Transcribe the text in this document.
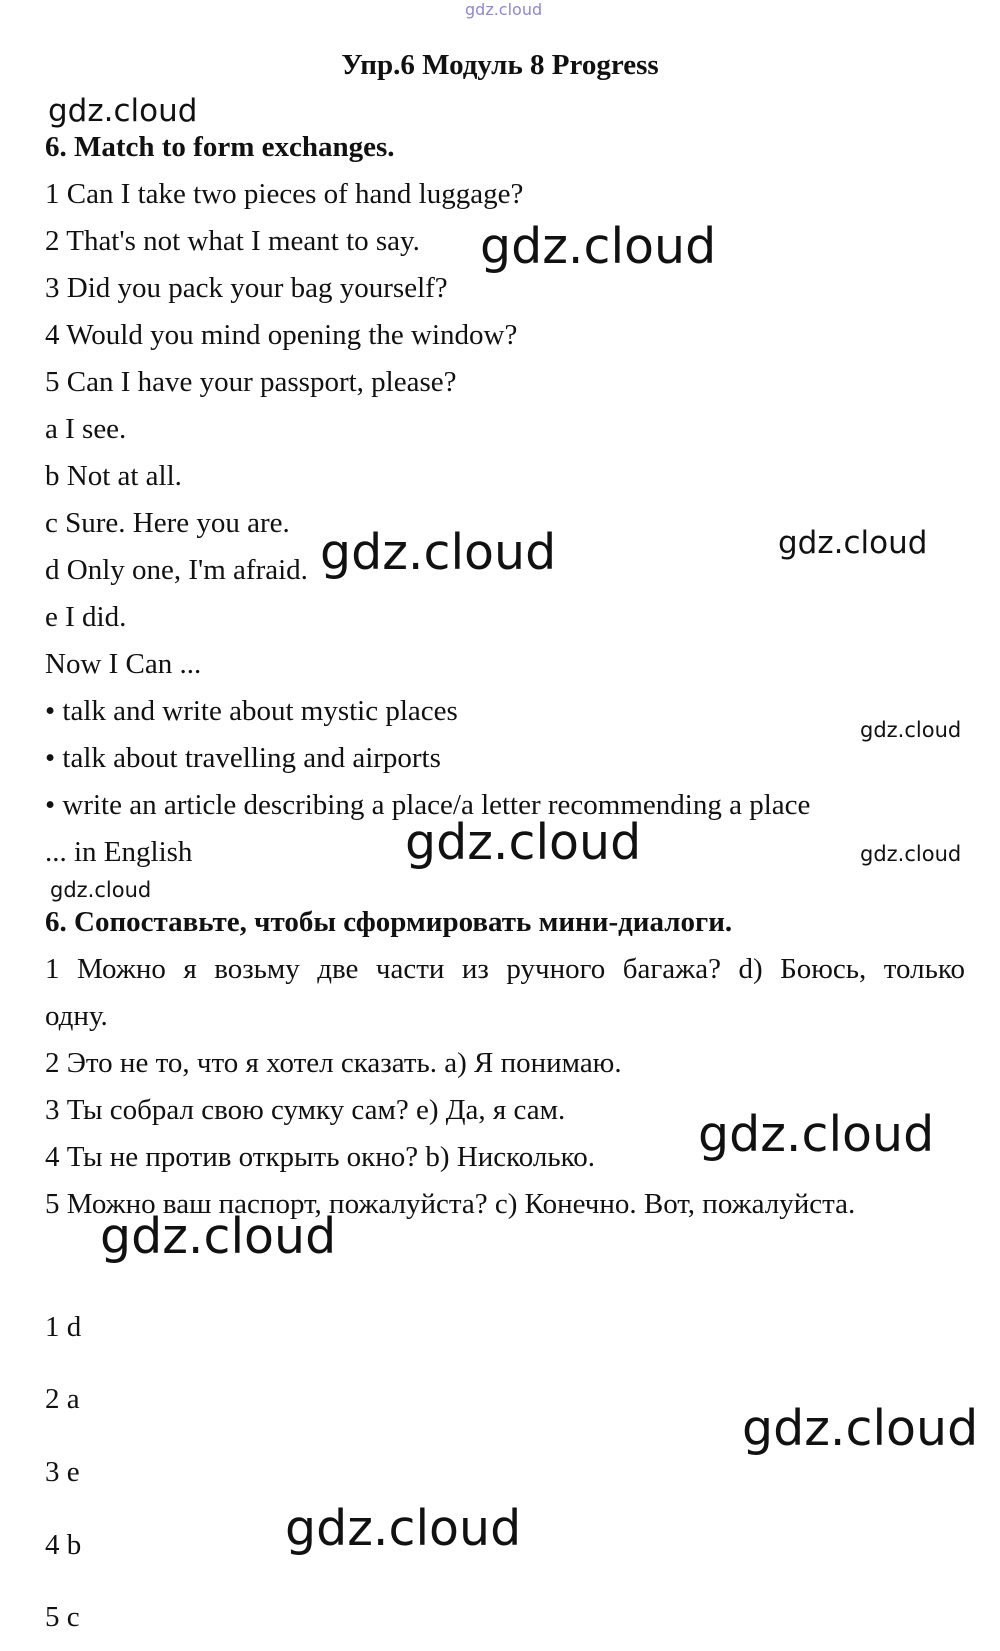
gdz.cloud
gdz.cloud
gdz.cloud
gdz.cloud	gdz.cloud
gdz.cloud
gdz.cloud	gdz.cloud
gdz.cloud
gdz.cloud
gdz.cloud
gdz.cloud
gdz.cloud
Упр.6 Модуль 8 Progress

6. Match to form exchanges.

1 Can I take two pieces of hand luggage?

2 That's not what I meant to say.

3 Did you pack your bag yourself?

4 Would you mind opening the window?

5 Can I have your passport, please?

a I see.

b Not at all.

c Sure. Here you are.

d Only one, I'm afraid.

e I did.

Now I Can ...

• talk and write about mystic places

• talk about travelling and airports

• write an article describing a place/a letter recommending a place

... in English

6. Сопоставьте, чтобы сформировать мини-диалоги.

1 Можно я возьму две части из ручного багажа? d) Боюсь, только

одну.

2 Это не то, что я хотел сказать. a) Я понимаю.

3 Ты собрал свою сумку сам? e) Да, я сам.

4 Ты не против открыть окно? b) Нисколько.

5 Можно ваш паспорт, пожалуйста? c) Конечно. Вот, пожалуйста.

1 d

2 a

3 e

4 b

5 c
